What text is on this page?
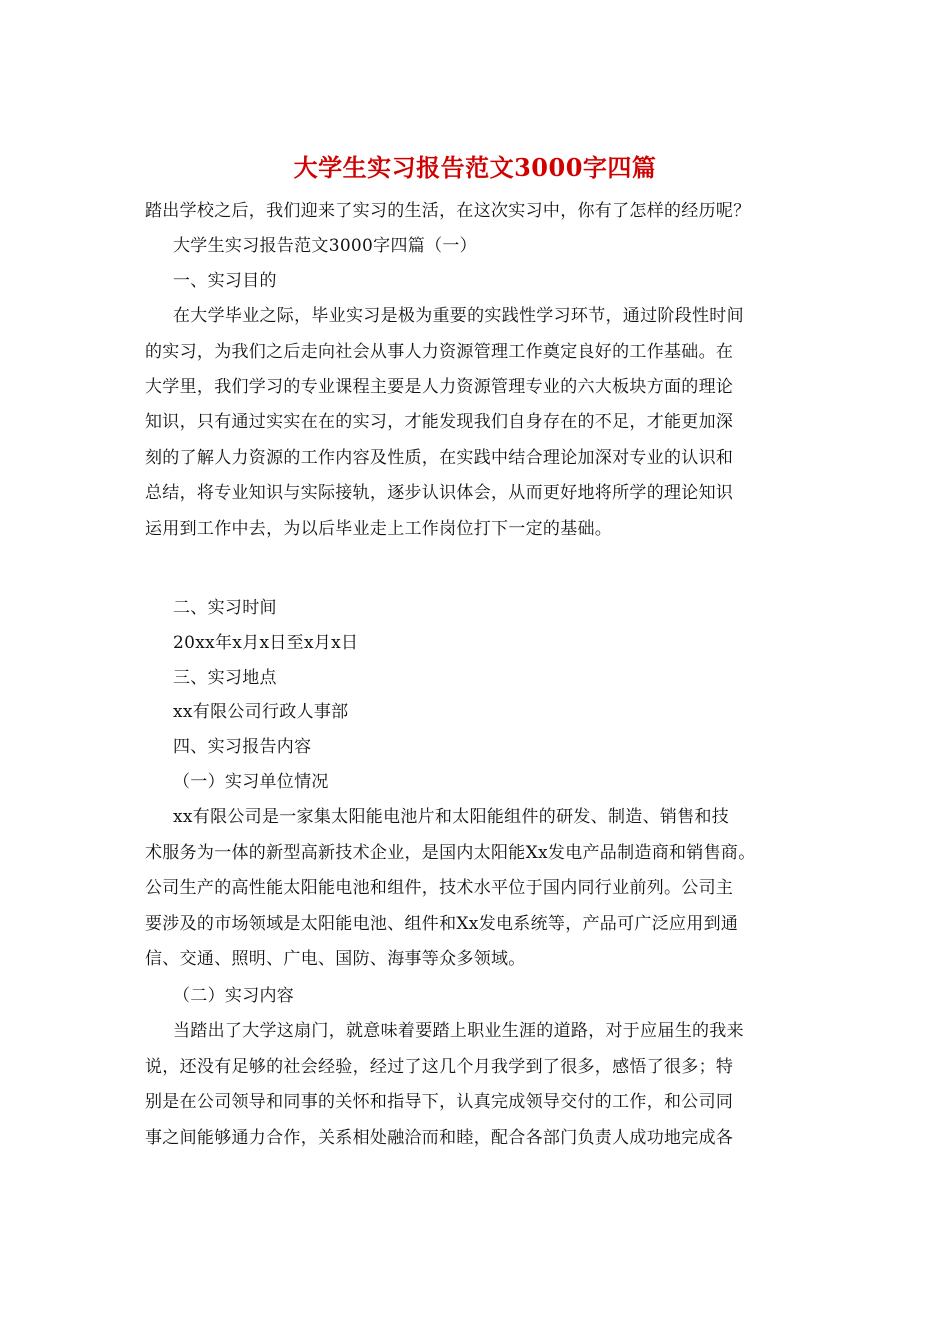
大学生实习报告范文3000字四篇
踏出学校之后，我们迎来了实习的生活，在这次实习中，你有了怎样的经历呢？
大学生实习报告范文3000字四篇（一）
一、实习目的
在大学毕业之际，毕业实习是极为重要的实践性学习环节，通过阶段性时间
的实习，为我们之后走向社会从事人力资源管理工作奠定良好的工作基础。在
大学里，我们学习的专业课程主要是人力资源管理专业的六大板块方面的理论
知识，只有通过实实在在的实习，才能发现我们自身存在的不足，才能更加深
刻的了解人力资源的工作内容及性质，在实践中结合理论加深对专业的认识和
总结，将专业知识与实际接轨，逐步认识体会，从而更好地将所学的理论知识
运用到工作中去，为以后毕业走上工作岗位打下一定的基础。
二、实习时间
20xx年x月x日至x月x日
三、实习地点
xx有限公司行政人事部
四、实习报告内容
（一）实习单位情况
xx有限公司是一家集太阳能电池片和太阳能组件的研发、制造、销售和技
术服务为一体的新型高新技术企业，是国内太阳能Xx发电产品制造商和销售商。
公司生产的高性能太阳能电池和组件，技术水平位于国内同行业前列。公司主
要涉及的市场领域是太阳能电池、组件和Xx发电系统等，产品可广泛应用到通
信、交通、照明、广电、国防、海事等众多领域。
（二）实习内容
当踏出了大学这扇门，就意味着要踏上职业生涯的道路，对于应届生的我来
说，还没有足够的社会经验，经过了这几个月我学到了很多，感悟了很多；特
别是在公司领导和同事的关怀和指导下，认真完成领导交付的工作，和公司同
事之间能够通力合作，关系相处融洽而和睦，配合各部门负责人成功地完成各
